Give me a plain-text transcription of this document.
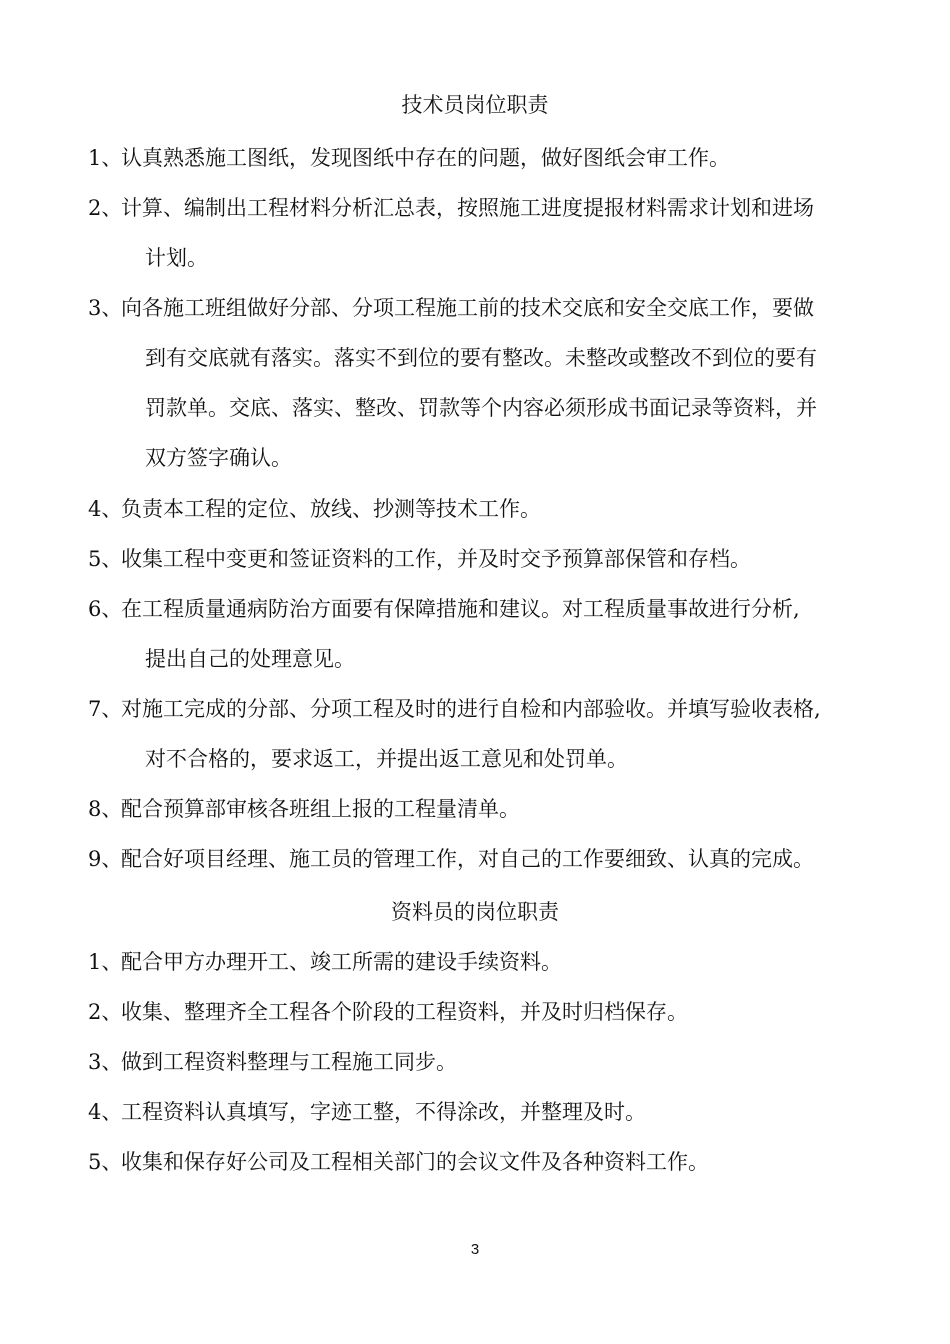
技术员岗位职责
1、认真熟悉施工图纸，发现图纸中存在的问题，做好图纸会审工作。
2、计算、编制出工程材料分析汇总表，按照施工进度提报材料需求计划和进场
计划。
3、向各施工班组做好分部、分项工程施工前的技术交底和安全交底工作，要做
到有交底就有落实。落实不到位的要有整改。未整改或整改不到位的要有
罚款单。交底、落实、整改、罚款等个内容必须形成书面记录等资料，并
双方签字确认。
4、负责本工程的定位、放线、抄测等技术工作。
5、收集工程中变更和签证资料的工作，并及时交予预算部保管和存档。
6、在工程质量通病防治方面要有保障措施和建议。对工程质量事故进行分析,
提出自己的处理意见。
7、对施工完成的分部、分项工程及时的进行自检和内部验收。并填写验收表格,
对不合格的，要求返工，并提出返工意见和处罚单。
8、配合预算部审核各班组上报的工程量清单。
9、配合好项目经理、施工员的管理工作，对自己的工作要细致、认真的完成。
资料员的岗位职责
1、配合甲方办理开工、竣工所需的建设手续资料。
2、收集、整理齐全工程各个阶段的工程资料，并及时归档保存。
3、做到工程资料整理与工程施工同步。
4、工程资料认真填写，字迹工整，不得涂改，并整理及时。
5、收集和保存好公司及工程相关部门的会议文件及各种资料工作。
3
